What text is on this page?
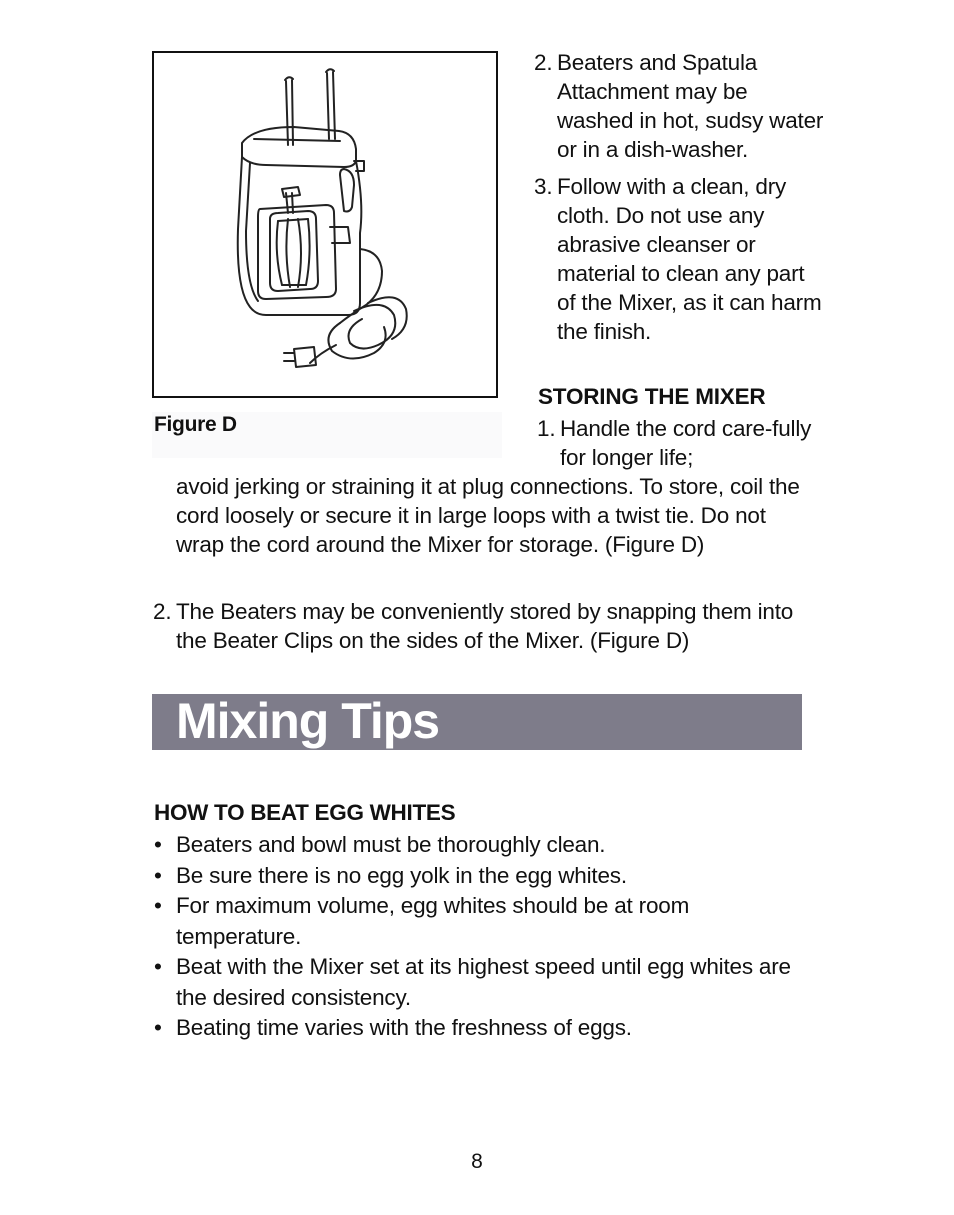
Figure D
2. Beaters and Spatula Attachment may be washed in hot, sudsy water or in a dish-washer.
3. Follow with a clean, dry cloth. Do not use any abrasive cleanser or material to clean any part of the Mixer, as it can harm the finish.
STORING THE MIXER
1. Handle the cord care-fully for longer life;
avoid jerking or straining it at plug connections. To store, coil the cord loosely or secure it in large loops with a twist tie. Do not wrap the cord around the Mixer for storage. (Figure D)
2. The Beaters may be conveniently stored by snapping them into the Beater Clips on the sides of the Mixer. (Figure D)
Mixing Tips
HOW TO BEAT EGG WHITES
• Beaters and bowl must be thoroughly clean.
• Be sure there is no egg yolk in the egg whites.
• For maximum volume, egg whites should be at room temperature.
• Beat with the Mixer set at its highest speed until egg whites are the desired consistency.
• Beating time varies with the freshness of eggs.
8
